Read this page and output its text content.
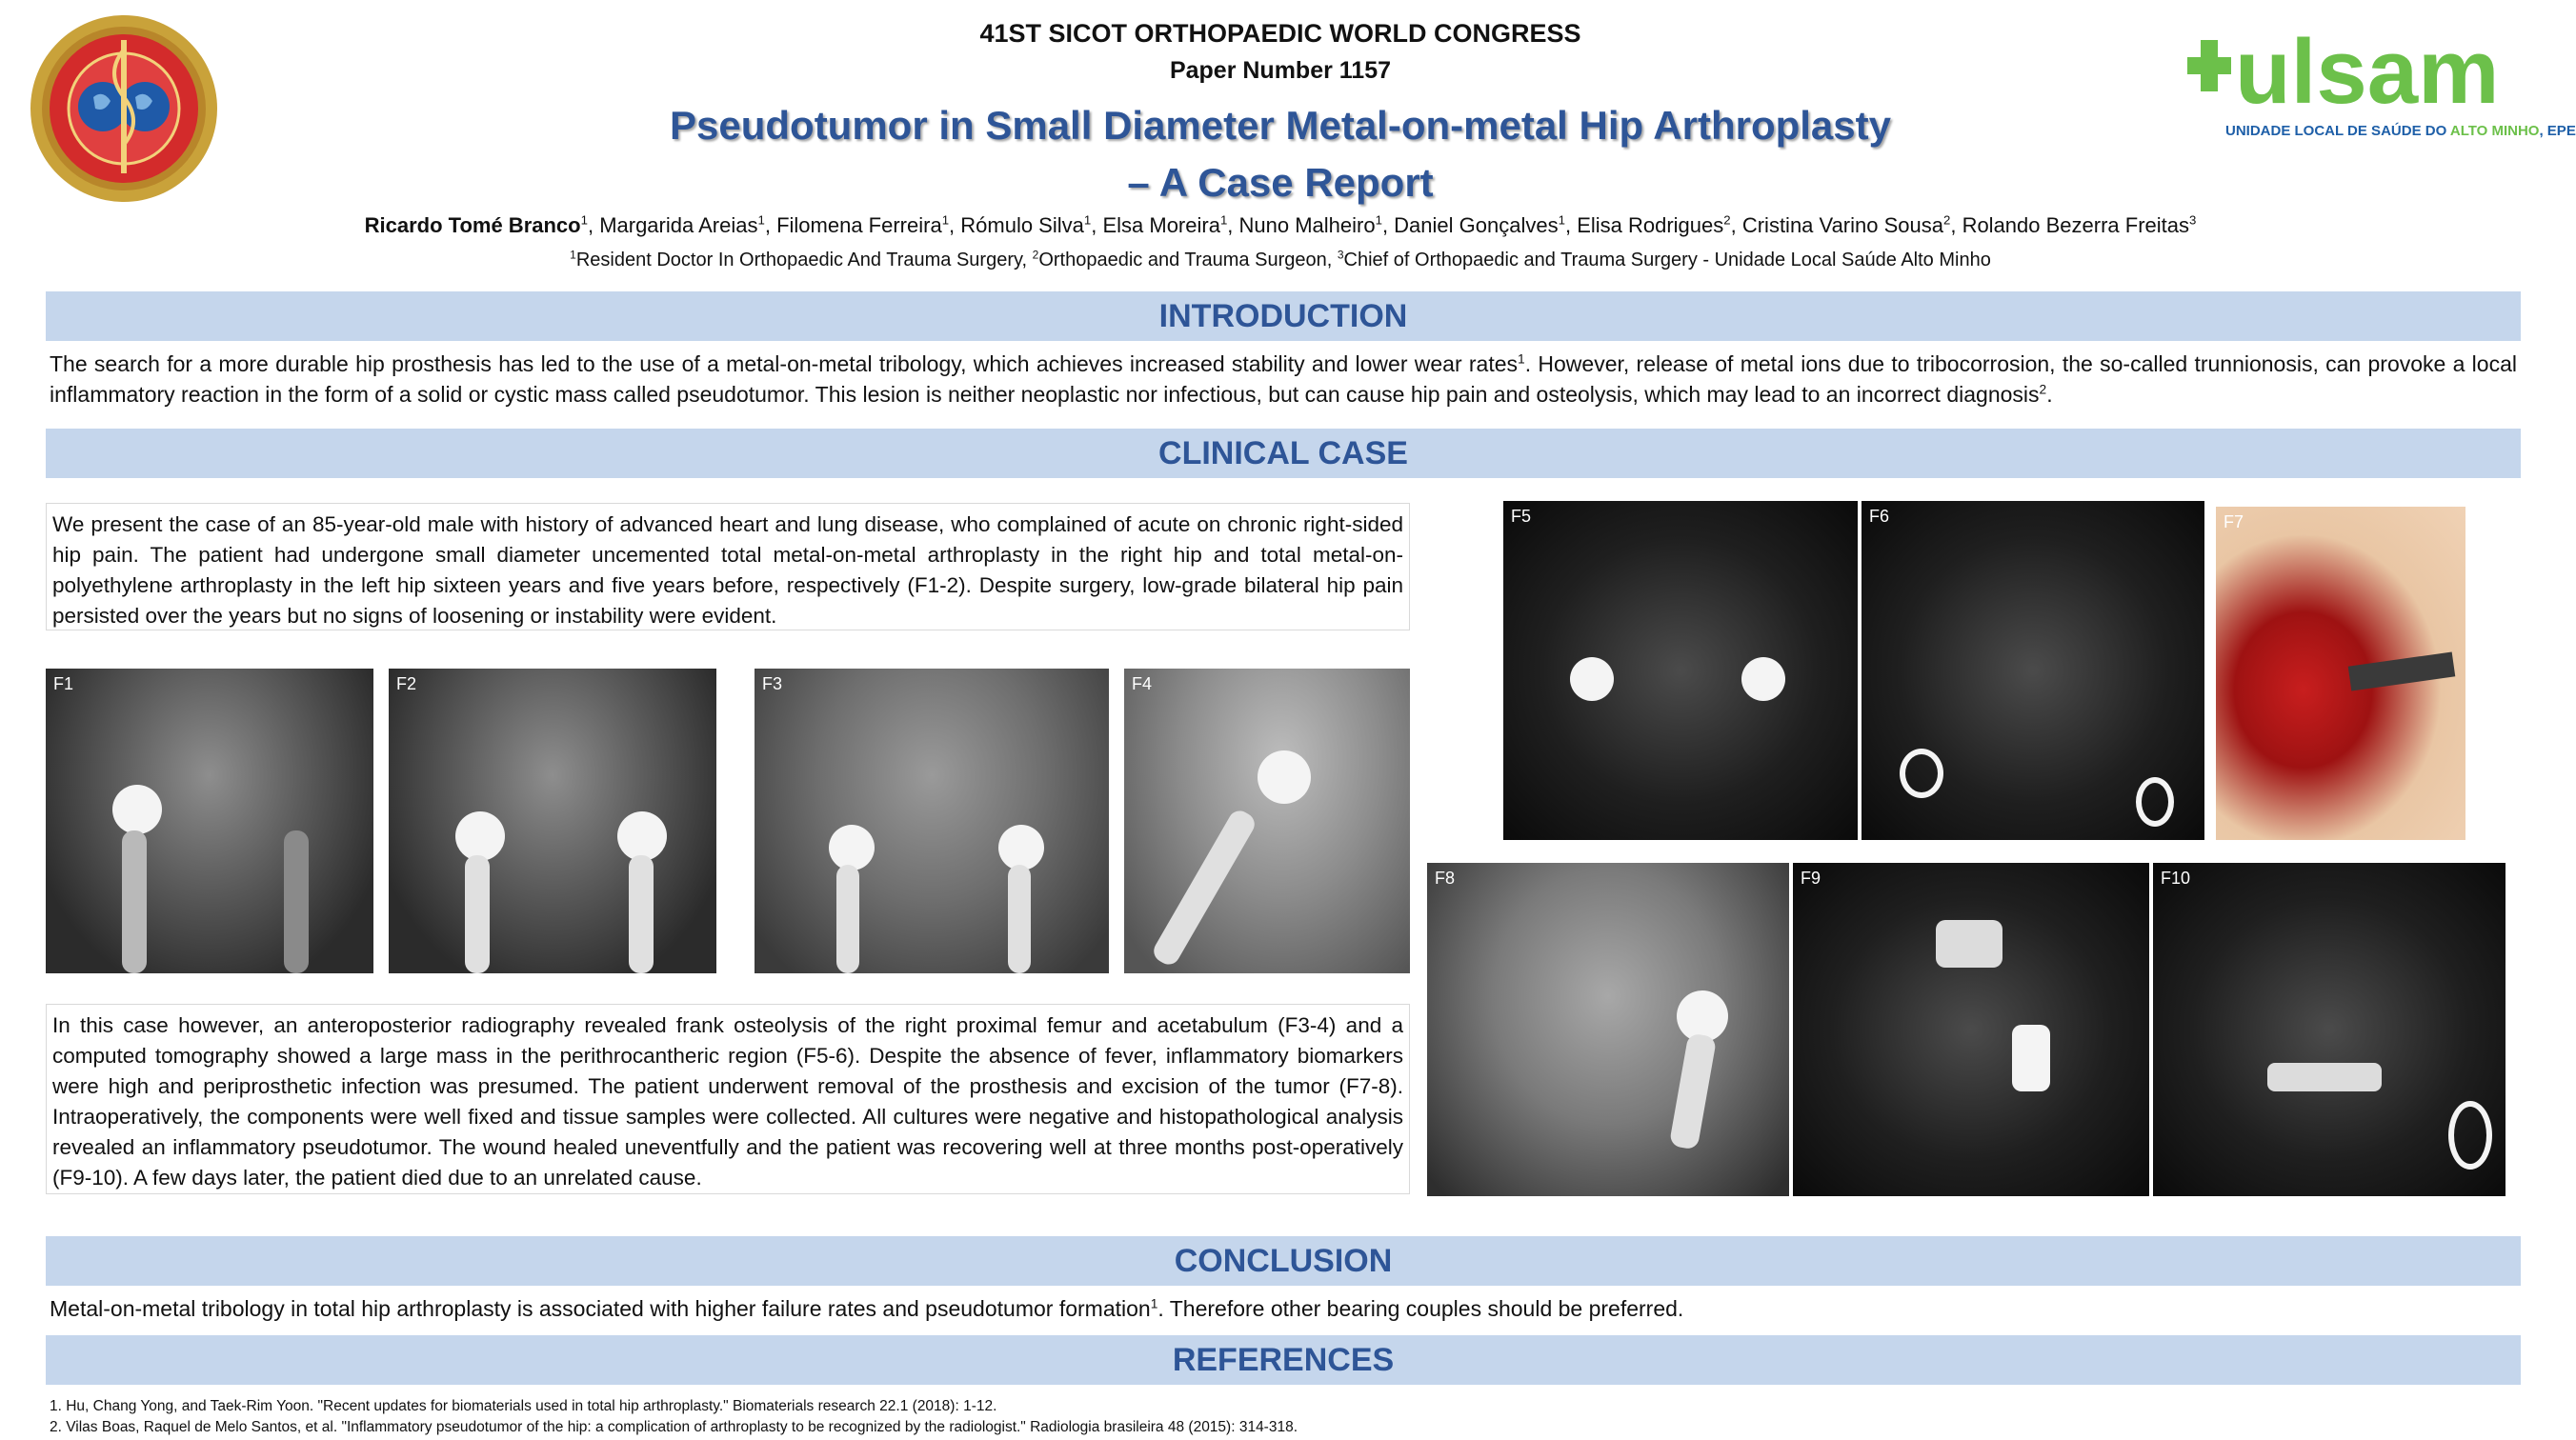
ulsam
UNIDADE LOCAL DE SAÚDE DO ALTO MINHO, EPE
41ST SICOT ORTHOPAEDIC WORLD CONGRESS
Paper Number 1157
Pseudotumor in Small Diameter Metal-on-metal Hip Arthroplasty
– A Case Report
Ricardo Tomé Branco$^1$, Margarida Areias$^1$, Filomena Ferreira$^1$, Rómulo Silva$^1$, Elsa Moreira$^1$, Nuno Malheiro$^1$, Daniel Gonçalves$^1$, Elisa Rodrigues$^2$, Cristina Varino Sousa$^2$, Rolando Bezerra Freitas$^3$
$^1$Resident Doctor In Orthopaedic And Trauma Surgery, $^2$Orthopaedic and Trauma Surgeon, $^3$Chief of Orthopaedic and Trauma Surgery - Unidade Local Saúde Alto Minho
INTRODUCTION
The search for a more durable hip prosthesis has led to the use of a metal-on-metal tribology, which achieves increased stability and lower wear rates$^1$. However, release of metal ions due to tribocorrosion, the so-called trunnionosis, can provoke a local inflammatory reaction in the form of a solid or cystic mass called pseudotumor. This lesion is neither neoplastic nor infectious, but can cause hip pain and osteolysis, which may lead to an incorrect diagnosis$^2$.
CLINICAL CASE
We present the case of an 85-year-old male with history of advanced heart and lung disease, who complained of acute on chronic right-sided hip pain. The patient had undergone small diameter uncemented total metal-on-metal arthroplasty in the right hip and total metal-on-polyethylene arthroplasty in the left hip sixteen years and five years before, respectively (F1-2). Despite surgery, low-grade bilateral hip pain persisted over the years but no signs of loosening or instability were evident.
F1	F2	F3	F4
F5	F6	F7
F8	F9	F10
In this case however, an anteroposterior radiography revealed frank osteolysis of the right proximal femur and acetabulum (F3-4) and a computed tomography showed a large mass in the perithrocantheric region (F5-6). Despite the absence of fever, inflammatory biomarkers were high and periprosthetic infection was presumed. The patient underwent removal of the prosthesis and excision of the tumor (F7-8). Intraoperatively, the components were well fixed and tissue samples were collected. All cultures were negative and histopathological analysis revealed an inflammatory pseudotumor. The wound healed uneventfully and the patient was recovering well at three months post-operatively (F9-10). A few days later, the patient died due to an unrelated cause.
CONCLUSION
Metal-on-metal tribology in total hip arthroplasty is associated with higher failure rates and pseudotumor formation$^1$. Therefore other bearing couples should be preferred.
REFERENCES
1. Hu, Chang Yong, and Taek-Rim Yoon. "Recent updates for biomaterials used in total hip arthroplasty." Biomaterials research 22.1 (2018): 1-12.
2. Vilas Boas, Raquel de Melo Santos, et al. "Inflammatory pseudotumor of the hip: a complication of arthroplasty to be recognized by the radiologist." Radiologia brasileira 48 (2015): 314-318.
